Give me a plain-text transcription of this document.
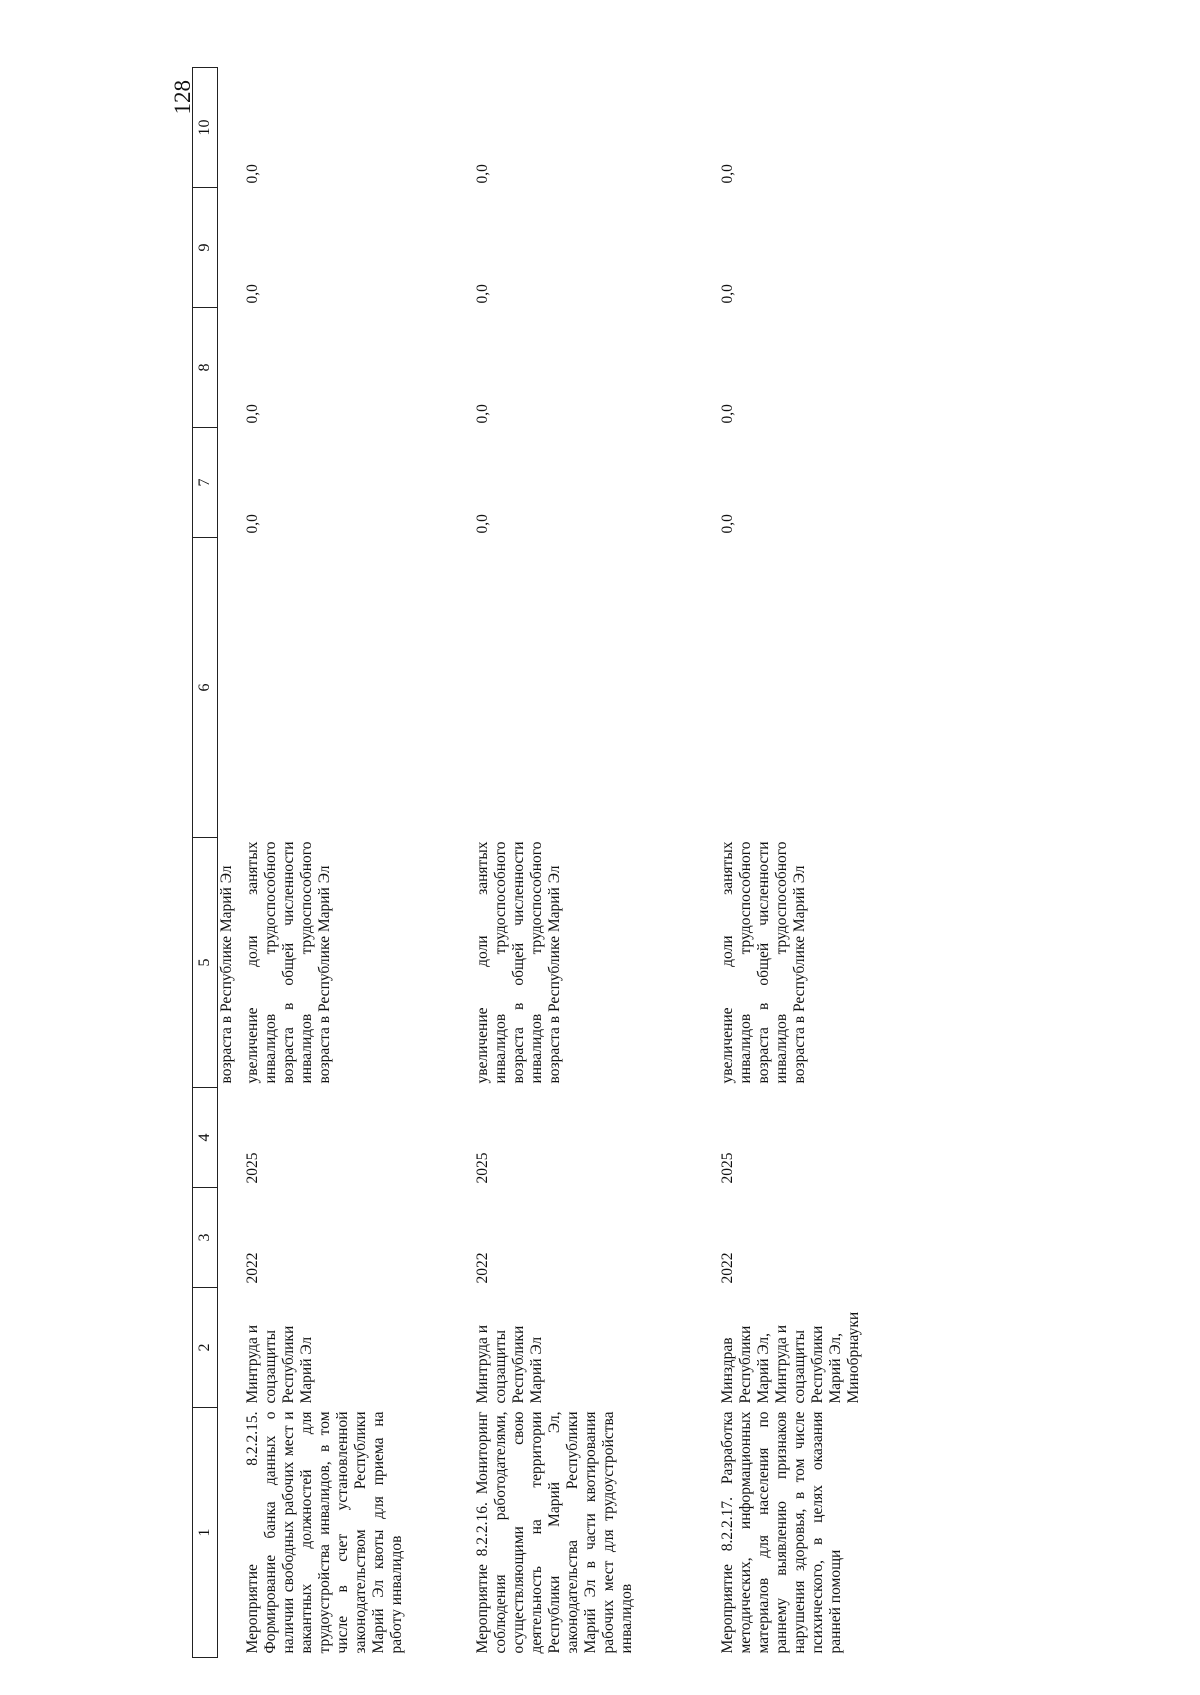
128
1	2	3	4	5	6	7	8	9	10
				возраста в Республике Марий Эл					

Мероприятие 8.2.2.15. Формирование банка данных о наличии свободных рабочих мест и вакантных должностей для трудоустройства инвалидов, в том числе в счет установленной законодательством Республики Марий Эл квоты для приема на работу инвалидов	Минтруда и соцзащиты Республики Марий Эл	2022	2025	увеличение доли занятых инвалидов трудоспособного возраста в общей численности инвалидов трудоспособного возраста в Республике Марий Эл		0,0	0,0	0,0	0,0
Мероприятие 8.2.2.16. Мониторинг соблюдения работодателями, осуществляющими свою деятельность на территории Республики Марий Эл, законодательства Республики Марий Эл в части квотирования рабочих мест для трудоустройства инвалидов	Минтруда и соцзащиты Республики Марий Эл	2022	2025	увеличение доли занятых инвалидов трудоспособного возраста в общей численности инвалидов трудоспособного возраста в Республике Марий Эл		0,0	0,0	0,0	0,0
Мероприятие 8.2.2.17. Разработка методических, информационных материалов для населения по раннему выявлению признаков нарушения здоровья, в том числе психического, в целях оказания ранней помощи	Минздрав Республики Марий Эл, Минтруда и соцзащиты Республики Марий Эл, Минобрнауки	2022	2025	увеличение доли занятых инвалидов трудоспособного возраста в общей численности инвалидов трудоспособного возраста в Республике Марий Эл		0,0	0,0	0,0	0,0
